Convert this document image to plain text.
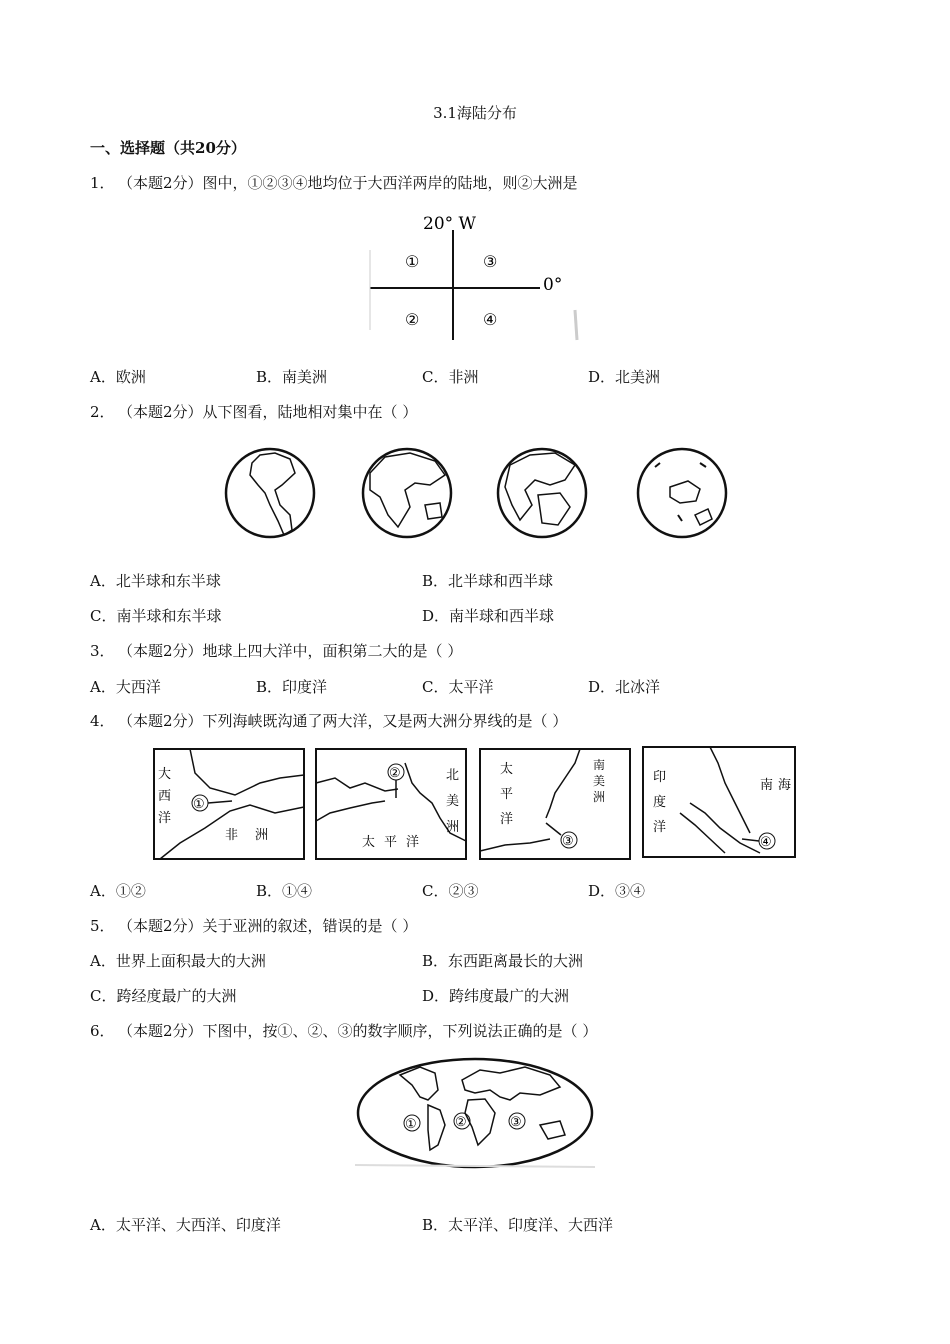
3.1海陆分布
一、选择题（共20分）
1． （本题2分）图中，①②③④地均位于大西洋两岸的陆地，则②大洲是
20° W
0°
①
②
③
④
A．欧洲	B．南美洲	C．非洲	D．北美洲
2． （本题2分）从下图看，陆地相对集中在（ ）
A．北半球和东半球	B．北半球和西半球
C．南半球和东半球	D．南半球和西半球
3． （本题2分）地球上四大洋中，面积第二大的是（ ）
A．大西洋	B．印度洋	C．太平洋	D．北冰洋
4． （本题2分）下列海峡既沟通了两大洋，又是两大洲分界线的是（ ）
大
西
洋
非 洲
①
②	北
美
洲
太 平 洋
太
平
洋
南
美
洲
③
印
度
洋
南 海
④
A．①②	B．①④	C．②③	D．③④
5． （本题2分）关于亚洲的叙述，错误的是（ ）
A．世界上面积最大的大洲	B．东西距离最长的大洲
C．跨经度最广的大洲	D．跨纬度最广的大洲
6． （本题2分）下图中，按①、②、③的数字顺序，下列说法正确的是（ ）
①	②	③
A．太平洋、大西洋、印度洋	B．太平洋、印度洋、大西洋
